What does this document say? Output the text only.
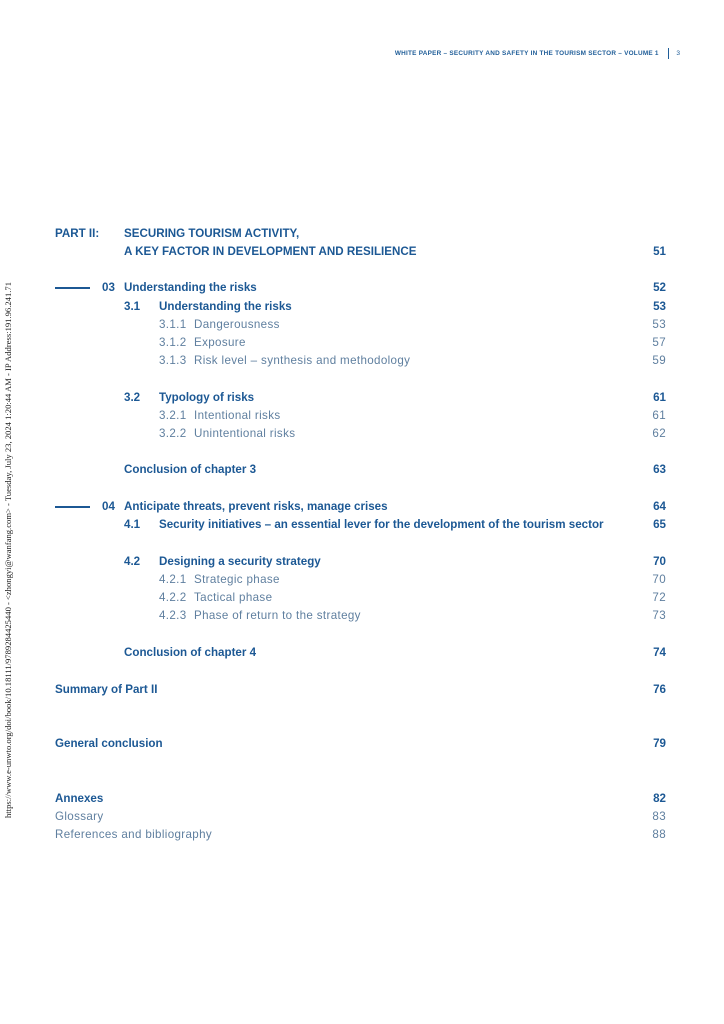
WHITE PAPER – SECURITY AND SAFETY IN THE TOURISM SECTOR – VOLUME 1	3
https://www.e-unwto.org/doi/book/10.18111/9789284425440 - <zhongyi@wanfang.com> - Tuesday, July 23, 2024 1:20:44 AM - IP Address:191.96.241.71
PART II: SECURING TOURISM ACTIVITY,
A KEY FACTOR IN DEVELOPMENT AND RESILIENCE	51
03 Understanding the risks	52
3.1 Understanding the risks	53
3.1.1 Dangerousness	53
3.1.2 Exposure	57
3.1.3 Risk level – synthesis and methodology	59
3.2 Typology of risks	61
3.2.1 Intentional risks	61
3.2.2 Unintentional risks	62
Conclusion of chapter 3	63
04 Anticipate threats, prevent risks, manage crises	64
4.1 Security initiatives – an essential lever for the development of the tourism sector	65
4.2 Designing a security strategy	70
4.2.1 Strategic phase	70
4.2.2 Tactical phase	72
4.2.3 Phase of return to the strategy	73
Conclusion of chapter 4	74
Summary of Part II	76
General conclusion	79
Annexes	82
Glossary	83
References and bibliography	88
